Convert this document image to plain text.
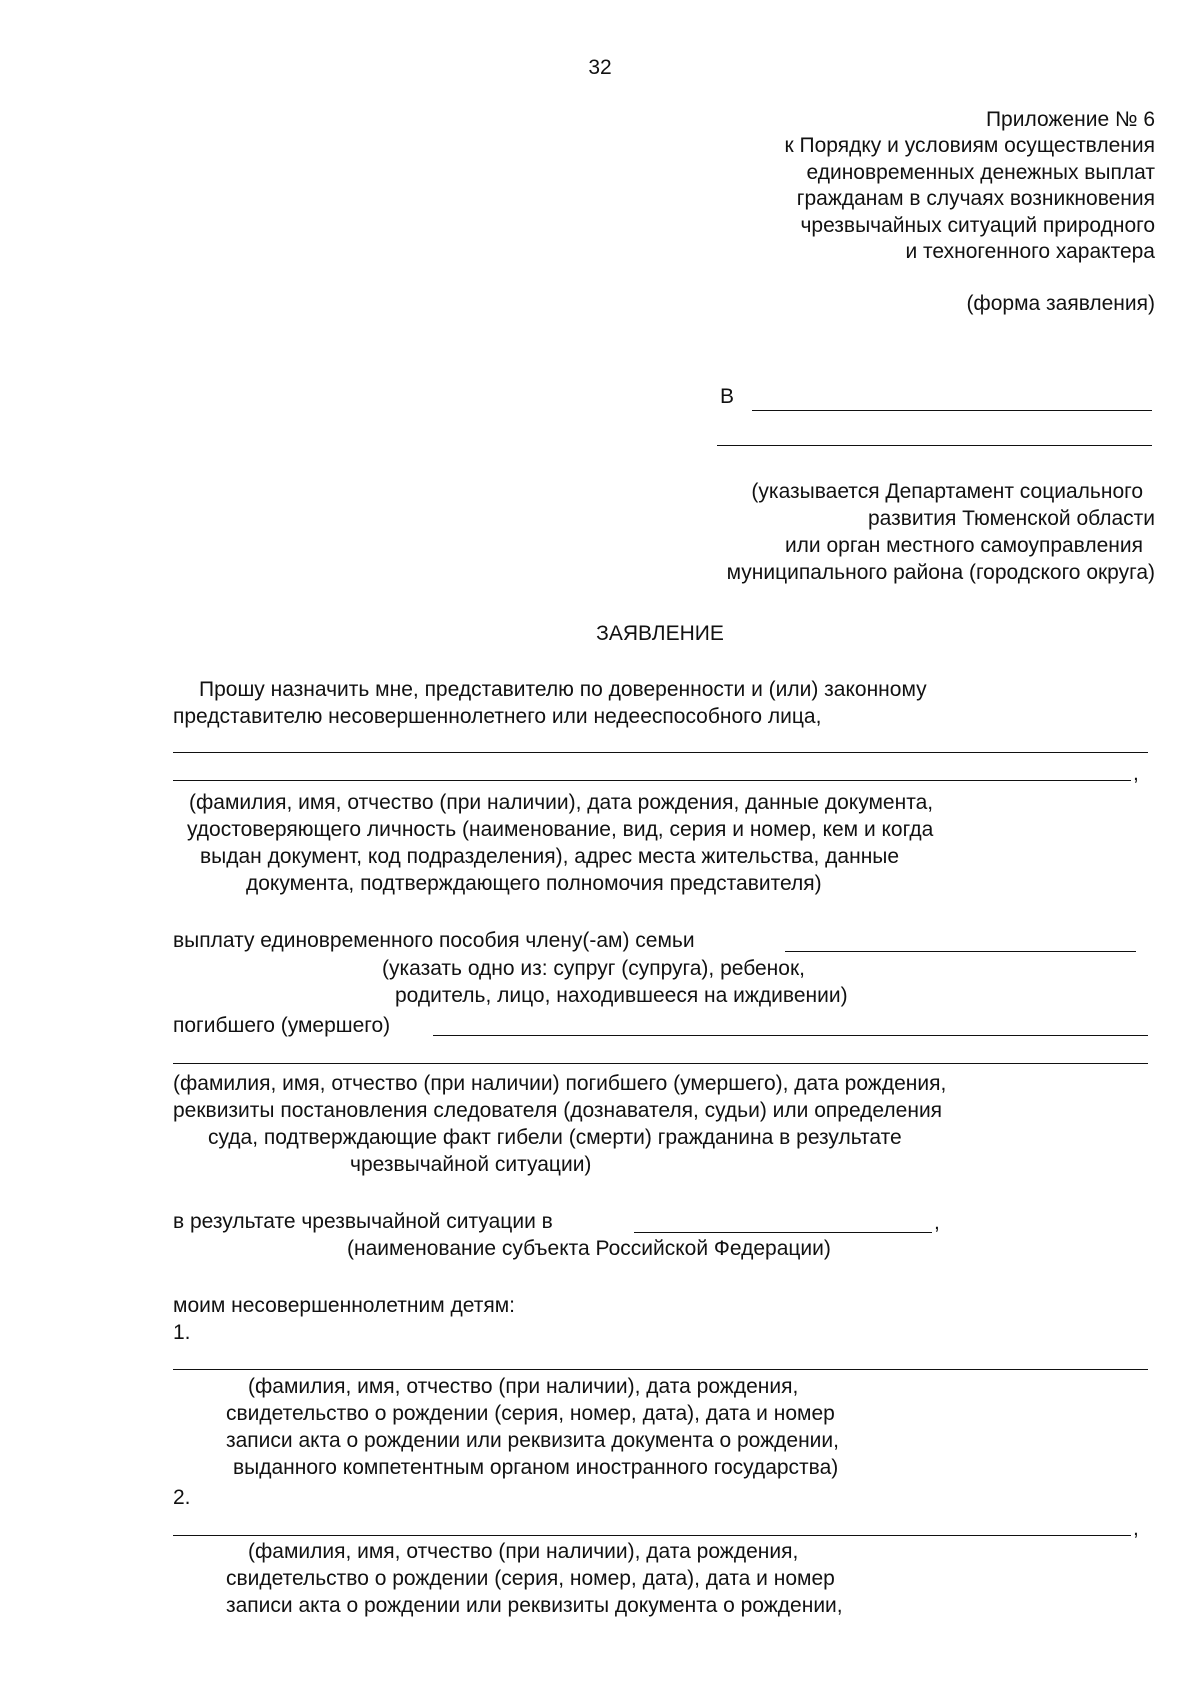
32
Приложение № 6
к Порядку и условиям осуществления
единовременных денежных выплат
гражданам в случаях возникновения
чрезвычайных ситуаций природного
и техногенного характера
(форма заявления)
В
(указывается Департамент социального
развития Тюменской области
или орган местного самоуправления
муниципального района (городского округа)
ЗАЯВЛЕНИЕ
Прошу назначить мне, представителю по доверенности и (или) законному
представителю несовершеннолетнего или недееспособного лица,
,
(фамилия, имя, отчество (при наличии), дата рождения, данные документа,
удостоверяющего личность (наименование, вид, серия и номер, кем и когда
выдан документ, код подразделения), адрес места жительства, данные
документа, подтверждающего полномочия представителя)
выплату единовременного пособия члену(-ам) семьи
(указать одно из: супруг (супруга), ребенок,
родитель, лицо, находившееся на иждивении)
погибшего (умершего)
(фамилия, имя, отчество (при наличии) погибшего (умершего), дата рождения,
реквизиты постановления следователя (дознавателя, судьи) или определения
суда, подтверждающие факт гибели (смерти) гражданина в результате
чрезвычайной ситуации)
в результате чрезвычайной ситуации в	,
(наименование субъекта Российской Федерации)
моим несовершеннолетним детям:
1.
(фамилия, имя, отчество (при наличии), дата рождения,
свидетельство о рождении (серия, номер, дата), дата и номер
записи акта о рождении или реквизита документа о рождении,
выданного компетентным органом иностранного государства)
2.
,
(фамилия, имя, отчество (при наличии), дата рождения,
свидетельство о рождении (серия, номер, дата), дата и номер
записи акта о рождении или реквизиты документа о рождении,
